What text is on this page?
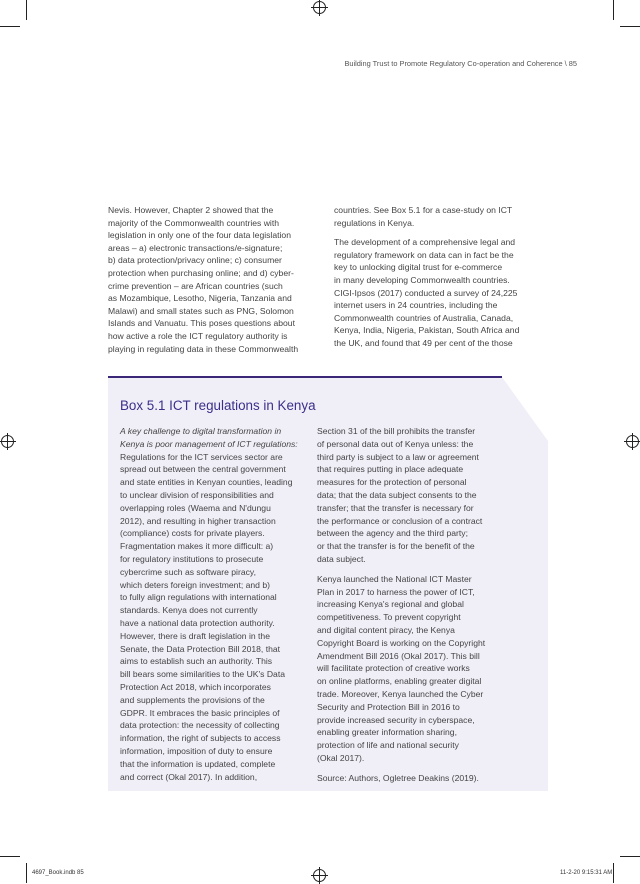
Building Trust to Promote Regulatory Co-operation and Coherence \ 85

Nevis. However, Chapter 2 showed that the
majority of the Commonwealth countries with
legislation in only one of the four data legislation
areas – a) electronic transactions/e-signature;
b) data protection/privacy online; c) consumer
protection when purchasing online; and d) cyber-
crime prevention – are African countries (such
as Mozambique, Lesotho, Nigeria, Tanzania and
Malawi) and small states such as PNG, Solomon
Islands and Vanuatu. This poses questions about
how active a role the ICT regulatory authority is
playing in regulating data in these Commonwealth

countries. See Box 5.1 for a case-study on ICT
regulations in Kenya.

The development of a comprehensive legal and
regulatory framework on data can in fact be the
key to unlocking digital trust for e-commerce
in many developing Commonwealth countries.
CIGI-Ipsos (2017) conducted a survey of 24,225
internet users in 24 countries, including the
Commonwealth countries of Australia, Canada,
Kenya, India, Nigeria, Pakistan, South Africa and
the UK, and found that 49 per cent of the those

Box 5.1 ICT regulations in Kenya

A key challenge to digital transformation in
Kenya is poor management of ICT regulations:
Regulations for the ICT services sector are
spread out between the central government
and state entities in Kenyan counties, leading
to unclear division of responsibilities and
overlapping roles (Waema and N'dungu
2012), and resulting in higher transaction
(compliance) costs for private players.
Fragmentation makes it more difficult: a)
for regulatory institutions to prosecute
cybercrime such as software piracy,
which deters foreign investment; and b)
to fully align regulations with international
standards. Kenya does not currently
have a national data protection authority.
However, there is draft legislation in the
Senate, the Data Protection Bill 2018, that
aims to establish such an authority. This
bill bears some similarities to the UK's Data
Protection Act 2018, which incorporates
and supplements the provisions of the
GDPR. It embraces the basic principles of
data protection: the necessity of collecting
information, the right of subjects to access
information, imposition of duty to ensure
that the information is updated, complete
and correct (Okal 2017). In addition,

Section 31 of the bill prohibits the transfer
of personal data out of Kenya unless: the
third party is subject to a law or agreement
that requires putting in place adequate
measures for the protection of personal
data; that the data subject consents to the
transfer; that the transfer is necessary for
the performance or conclusion of a contract
between the agency and the third party;
or that the transfer is for the benefit of the
data subject.

Kenya launched the National ICT Master
Plan in 2017 to harness the power of ICT,
increasing Kenya's regional and global
competitiveness. To prevent copyright
and digital content piracy, the Kenya
Copyright Board is working on the Copyright
Amendment Bill 2016 (Okal 2017). This bill
will facilitate protection of creative works
on online platforms, enabling greater digital
trade. Moreover, Kenya launched the Cyber
Security and Protection Bill in 2016 to
provide increased security in cyberspace,
enabling greater information sharing,
protection of life and national security
(Okal 2017).

Source: Authors, Ogletree Deakins (2019).

4697_Book.indb 85	11-2-20 9:15:31 AM
